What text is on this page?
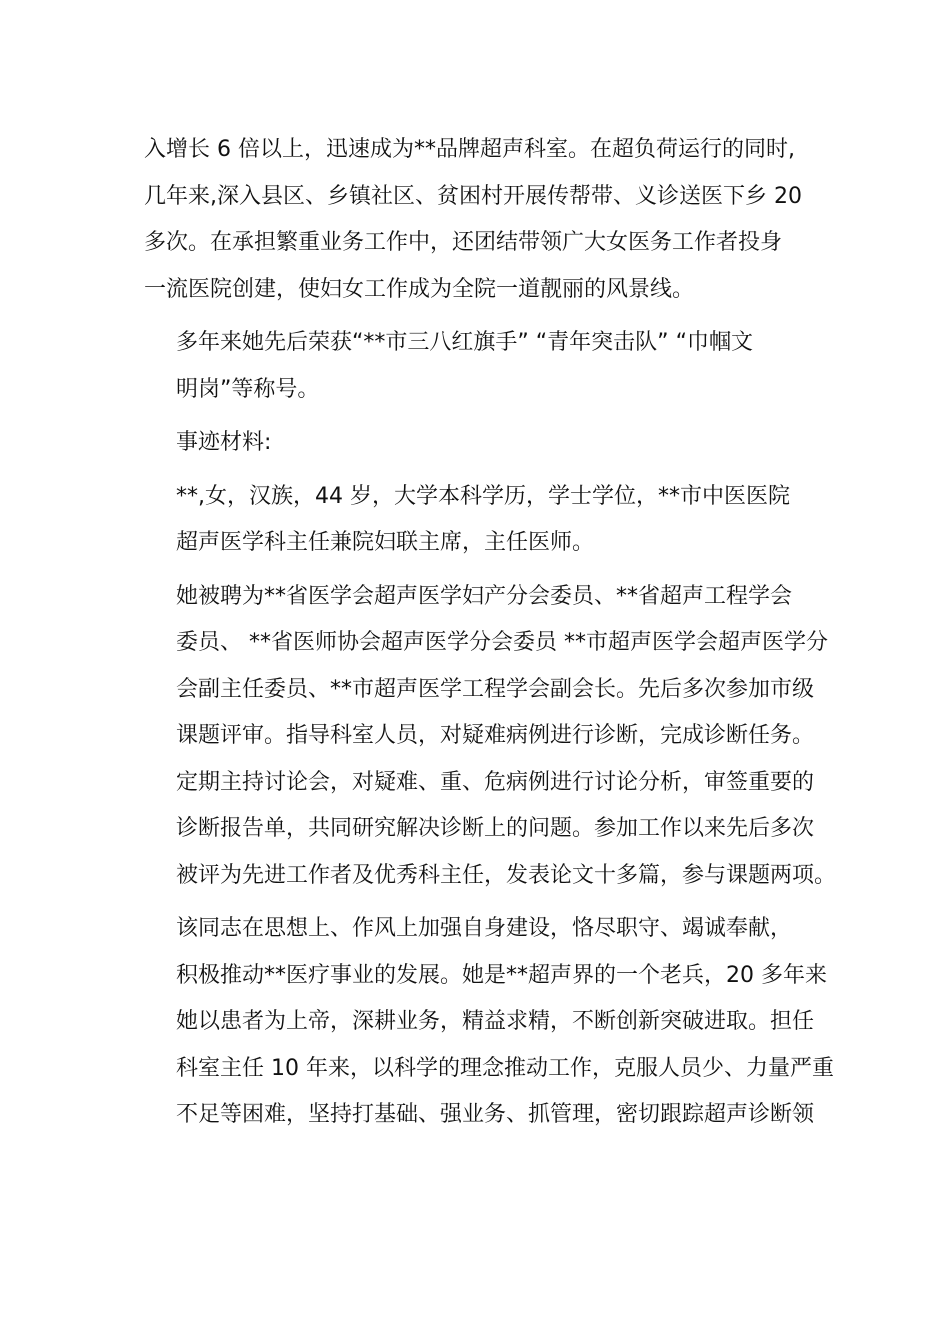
入增长 6 倍以上，迅速成为**品牌超声科室。在超负荷运行的同时,
几年来,深入县区、乡镇社区、贫困村开展传帮带、义诊送医下乡 20
多次。在承担繁重业务工作中，还团结带领广大女医务工作者投身
一流医院创建，使妇女工作成为全院一道靓丽的风景线。

多年来她先后荣获“**市三八红旗手” “青年突击队” “巾帼文
明岗”等称号。

事迹材料:

**,女，汉族，44 岁，大学本科学历，学士学位，**市中医医院
超声医学科主任兼院妇联主席，主任医师。

她被聘为**省医学会超声医学妇产分会委员、**省超声工程学会
委员、 **省医师协会超声医学分会委员 **市超声医学会超声医学分
会副主任委员、**市超声医学工程学会副会长。先后多次参加市级
课题评审。指导科室人员，对疑难病例进行诊断，完成诊断任务。
定期主持讨论会，对疑难、重、危病例进行讨论分析，审签重要的
诊断报告单，共同研究解决诊断上的问题。参加工作以来先后多次
被评为先进工作者及优秀科主任，发表论文十多篇，参与课题两项。

该同志在思想上、作风上加强自身建设，恪尽职守、竭诚奉献，
积极推动**医疗事业的发展。她是**超声界的一个老兵，20 多年来
她以患者为上帝，深耕业务，精益求精，不断创新突破进取。担任
科室主任 10 年来，以科学的理念推动工作，克服人员少、力量严重
不足等困难，坚持打基础、强业务、抓管理，密切跟踪超声诊断领
